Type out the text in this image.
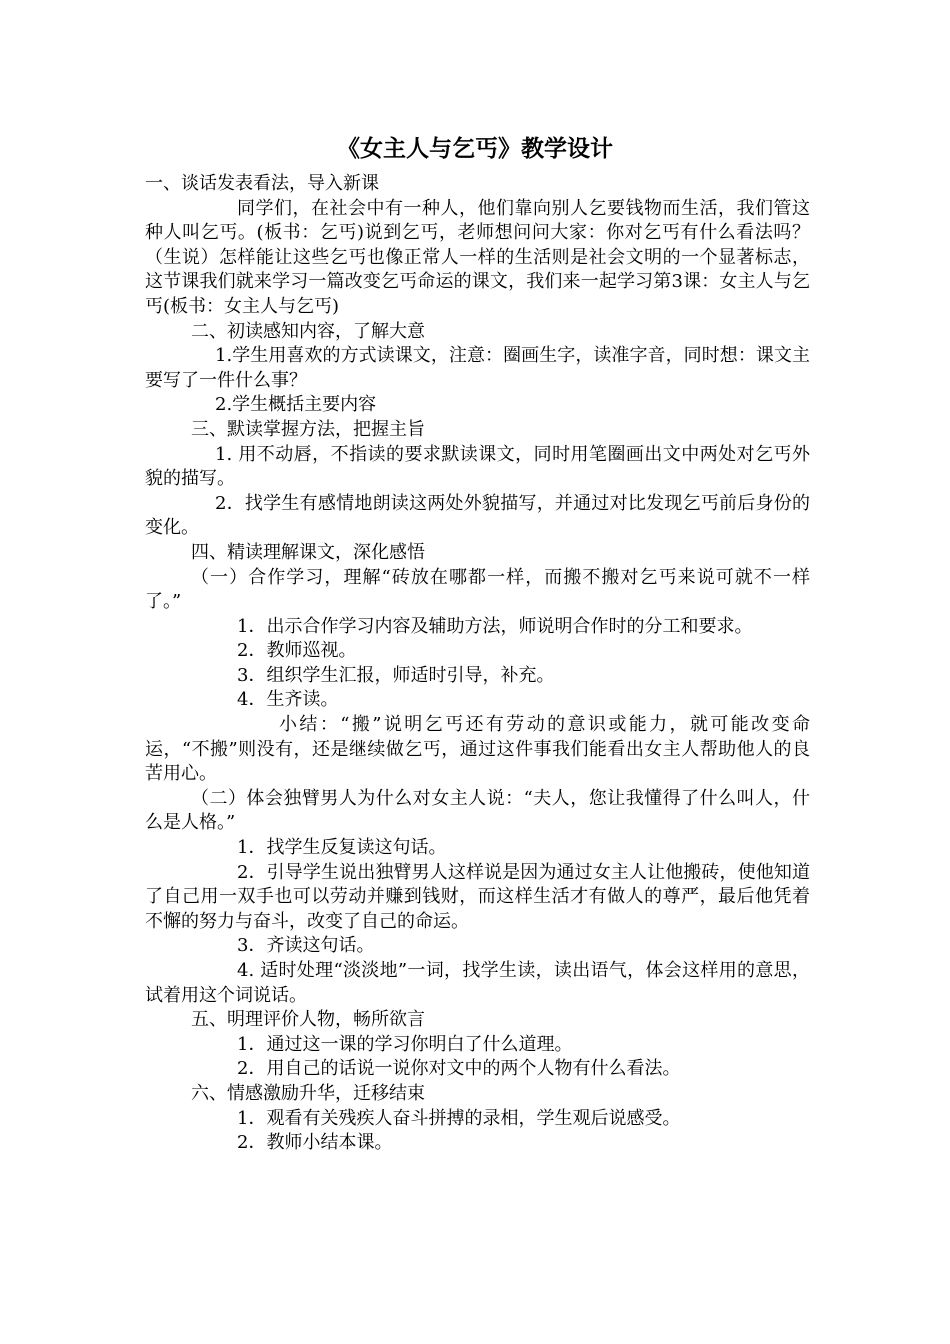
《女主人与乞丐》教学设计

一、谈话发表看法，导入新课

同学们，在社会中有一种人，他们靠向别人乞要钱物而生活，我们管这种人叫乞丐。(板书：乞丐)说到乞丐，老师想问问大家：你对乞丐有什么看法吗？（生说）怎样能让这些乞丐也像正常人一样的生活则是社会文明的一个显著标志，这节课我们就来学习一篇改变乞丐命运的课文，我们来一起学习第3课：女主人与乞丐(板书：女主人与乞丐)

二、初读感知内容，了解大意

1.学生用喜欢的方式读课文，注意：圈画生字，读准字音，同时想：课文主要写了一件什么事？

2.学生概括主要内容

三、默读掌握方法，把握主旨

1. 用不动唇，不指读的要求默读课文，同时用笔圈画出文中两处对乞丐外貌的描写。

2．找学生有感情地朗读这两处外貌描写，并通过对比发现乞丐前后身份的变化。

四、精读理解课文，深化感悟

（一）合作学习，理解“砖放在哪都一样，而搬不搬对乞丐来说可就不一样了。”

1．出示合作学习内容及辅助方法，师说明合作时的分工和要求。

2．教师巡视。

3．组织学生汇报，师适时引导，补充。

4．生齐读。

小结：“搬”说明乞丐还有劳动的意识或能力，就可能改变命运，“不搬”则没有，还是继续做乞丐，通过这件事我们能看出女主人帮助他人的良苦用心。

（二）体会独臂男人为什么对女主人说：“夫人，您让我懂得了什么叫人，什么是人格。”

1．找学生反复读这句话。

2．引导学生说出独臂男人这样说是因为通过女主人让他搬砖，使他知道了自己用一双手也可以劳动并赚到钱财，而这样生活才有做人的尊严，最后他凭着不懈的努力与奋斗，改变了自己的命运。

3．齐读这句话。

4. 适时处理“淡淡地”一词，找学生读，读出语气，体会这样用的意思，试着用这个词说话。

五、明理评价人物，畅所欲言

1．通过这一课的学习你明白了什么道理。

2．用自己的话说一说你对文中的两个人物有什么看法。

六、情感激励升华，迁移结束

1．观看有关残疾人奋斗拼搏的录相，学生观后说感受。

2．教师小结本课。
